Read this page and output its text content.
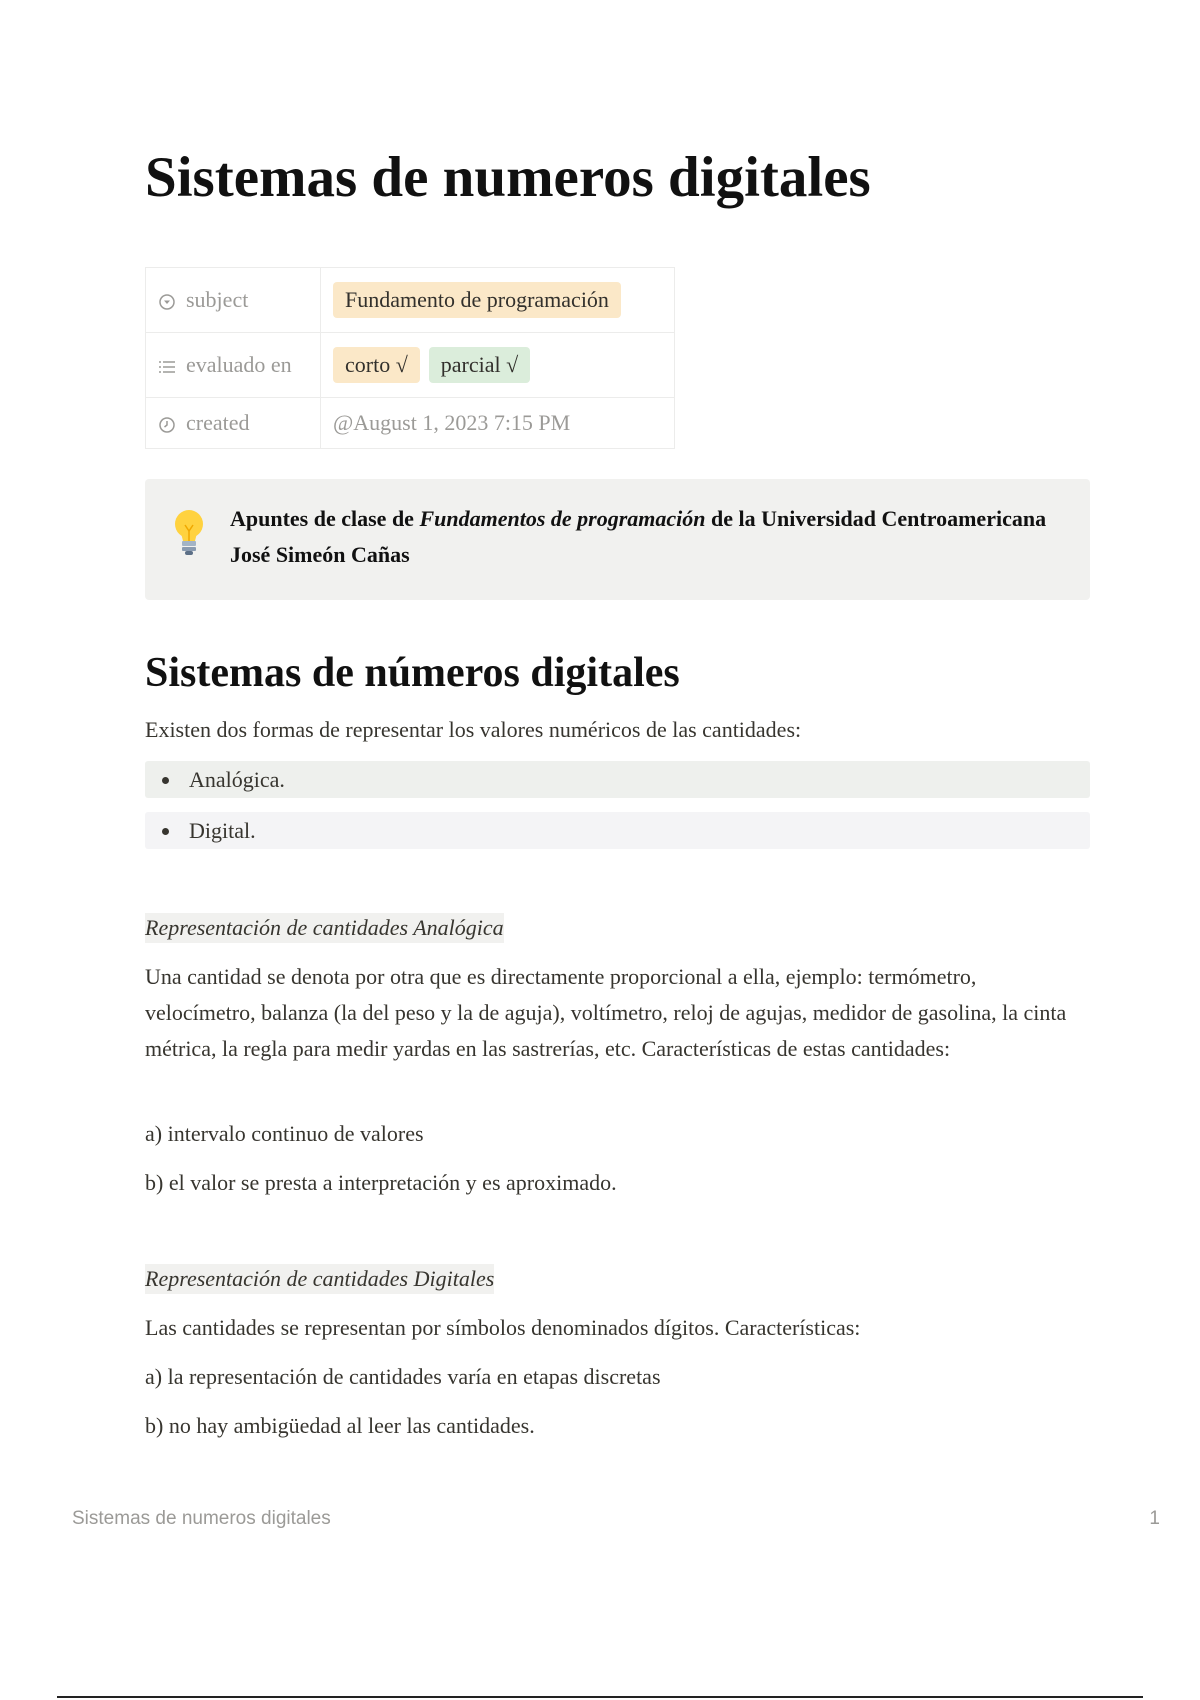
Sistemas de numeros digitales
subject	Fundamento de programación

evaluado en	corto √ parcial √

created	@August 1, 2023 7:15 PM
Apuntes de clase de Fundamentos de programación de la Universidad Centroamericana José Simeón Cañas
Sistemas de números digitales

Existen dos formas de representar los valores numéricos de las cantidades:

Analógica.
Digital.
Representación de cantidades Analógica

Una cantidad se denota por otra que es directamente proporcional a ella, ejemplo: termómetro, velocímetro, balanza (la del peso y la de aguja), voltímetro, reloj de agujas, medidor de gasolina, la cinta métrica, la regla para medir yardas en las sastrerías, etc. Características de estas cantidades:

a) intervalo continuo de valores

b) el valor se presta a interpretación y es aproximado.

Representación de cantidades Digitales

Las cantidades se representan por símbolos denominados dígitos. Características:

a) la representación de cantidades varía en etapas discretas

b) no hay ambigüedad al leer las cantidades.

Sistemas de numeros digitales	1
